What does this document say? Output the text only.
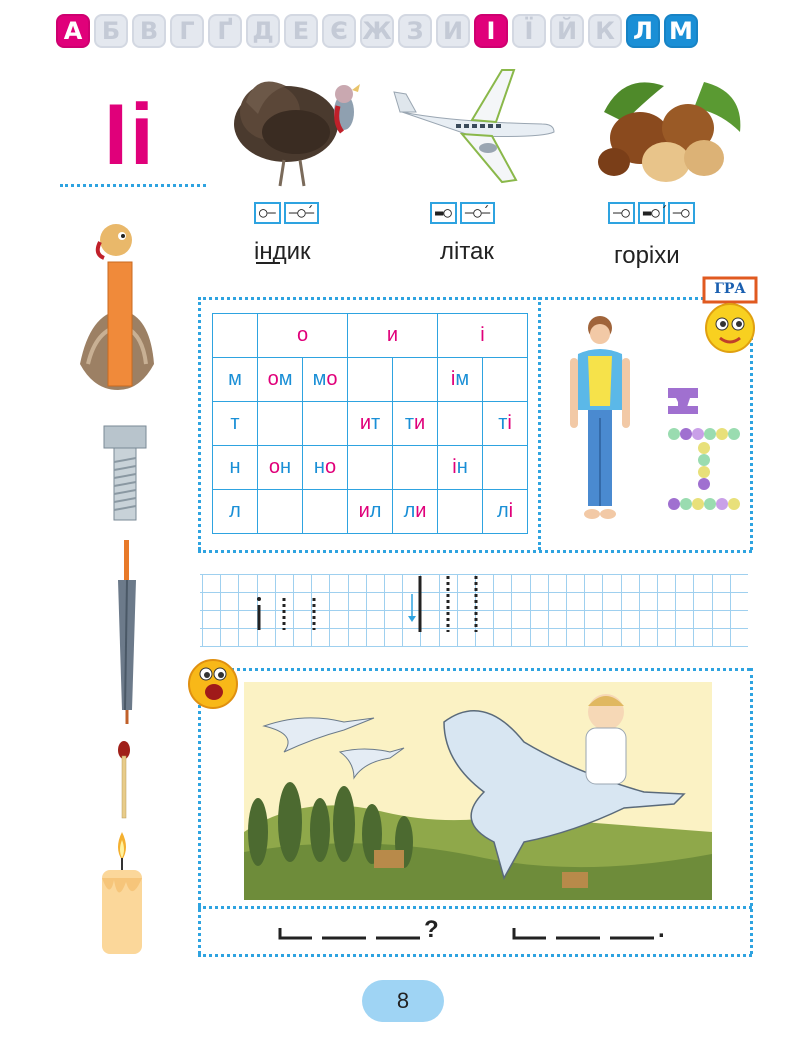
А Б В Г Ґ Д Е Є Ж З И І	Ї Й К Л М
Іі
○– –○́–
індик
▬○ –○́–
літак
–○ ▬○́ –○
горіхи
	о		и		і	
м	ом	мо			ім	
т			ит	ти		ті
н	он	но			ін	
л			ил	ли		лі
ГРА
?	.
8
